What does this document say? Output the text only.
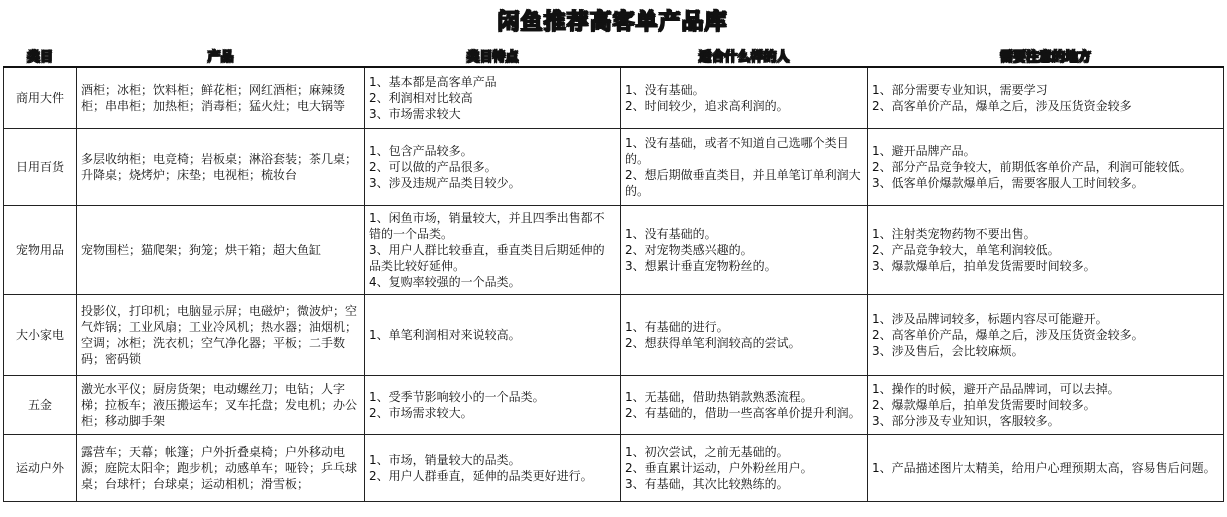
闲鱼推荐高客单产品库
类目	产品	类目特点	适合什么样的人	需要注意的地方
商用大件	酒柜；冰柜；饮料柜；鲜花柜；网红酒柜；麻辣烫柜；串串柜；加热柜；消毒柜；猛火灶；电大锅等	1、基本都是高客单产品
2、利润相对比较高
3、市场需求较大	1、没有基础。
2、时间较少，追求高利润的。	1、部分需要专业知识，需要学习
2、高客单价产品，爆单之后，涉及压货资金较多

日用百货	多层收纳柜；电竞椅；岩板桌；淋浴套装；茶几桌；升降桌；烧烤炉；床垫；电视柜；梳妆台	1、包含产品较多。
2、可以做的产品很多。
3、涉及违规产品类目较少。	1、没有基础，或者不知道自己选哪个类目的。
2、想后期做垂直类目，并且单笔订单利润大的。	1、避开品牌产品。
2、部分产品竞争较大，前期低客单价产品，利润可能较低。
3、低客单价爆款爆单后，需要客服人工时间较多。

宠物用品	宠物围栏；猫爬架；狗笼；烘干箱；超大鱼缸	1、闲鱼市场，销量较大，并且四季出售都不错的一个品类。
3、用户人群比较垂直，垂直类目后期延伸的品类比较好延伸。
4、复购率较强的一个品类。	1、没有基础的。
2、对宠物类感兴趣的。
3、想累计垂直宠物粉丝的。	1、注射类宠物药物不要出售。
2、产品竞争较大，单笔利润较低。
3、爆款爆单后，拍单发货需要时间较多。

大小家电	投影仪，打印机；电脑显示屏；电磁炉；微波炉；空气炸锅；工业风扇；工业冷风机；热水器；油烟机；空调；冰柜；洗衣机；空气净化器；平板；二手数码；密码锁	1、单笔利润相对来说较高。	1、有基础的进行。
2、想获得单笔利润较高的尝试。	1、涉及品牌词较多，标题内容尽可能避开。
2、高客单价产品，爆单之后，涉及压货资金较多。
3、涉及售后，会比较麻烦。

五金	激光水平仪；厨房货架；电动螺丝刀；电钻；人字梯；拉板车；液压搬运车；叉车托盘；发电机；办公柜；移动脚手架	1、受季节影响较小的一个品类。
2、市场需求较大。	1、无基础，借助热销款熟悉流程。
2、有基础的，借助一些高客单价提升利润。	1、操作的时候，避开产品品牌词，可以去掉。
2、爆款爆单后，拍单发货需要时间较多。
3、部分涉及专业知识，客服较多。

运动户外	露营车；天幕；帐篷；户外折叠桌椅；户外移动电源；庭院太阳伞；跑步机；动感单车；哑铃；乒乓球桌；台球杆；台球桌；运动相机；滑雪板；	1、市场，销量较大的品类。
2、用户人群垂直，延伸的品类更好进行。	1、初次尝试，之前无基础的。
2、垂直累计运动，户外粉丝用户。
3、有基础，其次比较熟练的。	1、产品描述图片太精美，给用户心理预期太高，容易售后问题。
